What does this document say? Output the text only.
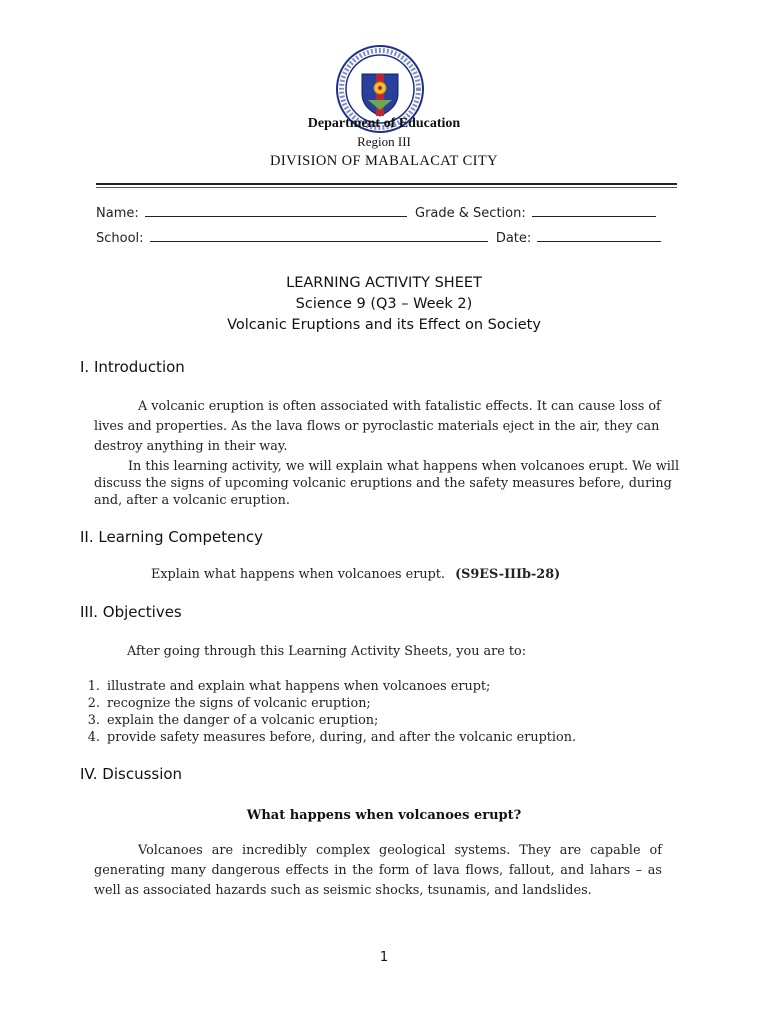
Department of Education
Region III
DIVISION OF MABALACAT CITY
Name:	Grade & Section:
School:	Date:
LEARNING ACTIVITY SHEET
Science 9 (Q3 – Week 2)
Volcanic Eruptions and its Effect on Society
I. Introduction
A volcanic eruption is often associated with fatalistic effects. It can cause loss of lives and properties. As the lava flows or pyroclastic materials eject in the air, they can destroy anything in their way.
In this learning activity, we will explain what happens when volcanoes erupt. We will discuss the signs of upcoming volcanic eruptions and the safety measures before, during and, after a volcanic eruption.
II. Learning Competency
Explain what happens when volcanoes erupt. (S9ES-IIIb-28)
III. Objectives
After going through this Learning Activity Sheets, you are to:
1. illustrate and explain what happens when volcanoes erupt;
2. recognize the signs of volcanic eruption;
3. explain the danger of a volcanic eruption;
4. provide safety measures before, during, and after the volcanic eruption.
IV. Discussion
What happens when volcanoes erupt?
Volcanoes are incredibly complex geological systems. They are capable of generating many dangerous effects in the form of lava flows, fallout, and lahars – as well as associated hazards such as seismic shocks, tsunamis, and landslides.
1
